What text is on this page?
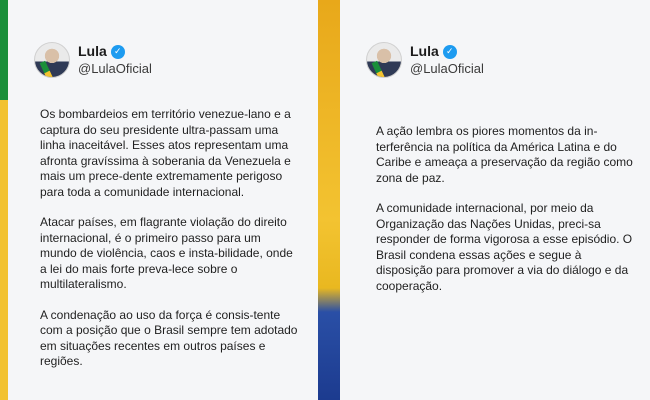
Lula ✓
@LulaOficial

Os bombardeios em território venezue-lano e a captura do seu presidente ultra-passam uma linha inaceitável. Esses atos representam uma afronta gravíssima à soberania da Venezuela e mais um prece-dente extremamente perigoso para toda a comunidade internacional.

Atacar países, em flagrante violação do direito internacional, é o primeiro passo para um mundo de violência, caos e insta-bilidade, onde a lei do mais forte preva-lece sobre o multilateralismo.

A condenação ao uso da força é consis-tente com a posição que o Brasil sempre tem adotado em situações recentes em outros países e regiões.

Lula ✓
@LulaOficial

A ação lembra os piores momentos da in-terferência na política da América Latina e do Caribe e ameaça a preservação da região como zona de paz.

A comunidade internacional, por meio da Organização das Nações Unidas, preci-sa responder de forma vigorosa a esse episódio. O Brasil condena essas ações e segue à disposição para promover a via do diálogo e da cooperação.
